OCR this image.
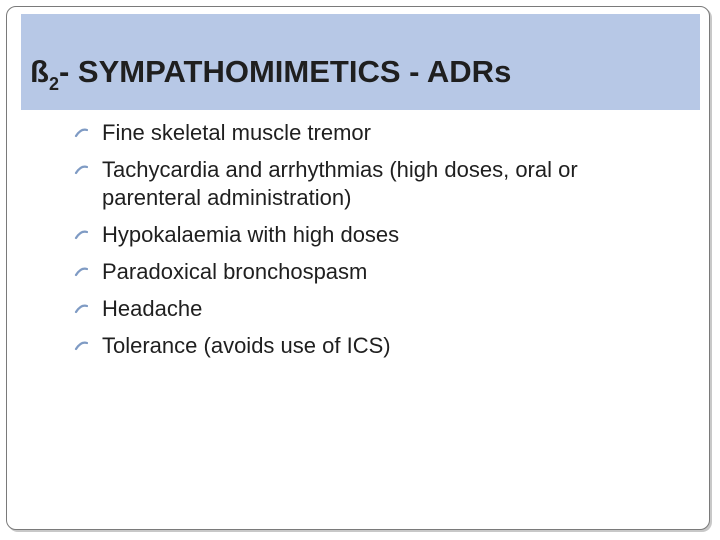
$ß_2-$ SYMPATHOMIMETICS - ADRs
Fine skeletal muscle tremor
Tachycardia and arrhythmias (high doses, oral or
parenteral administration)
Hypokalaemia with high doses
Paradoxical bronchospasm
Headache
Tolerance (avoids use of ICS)
